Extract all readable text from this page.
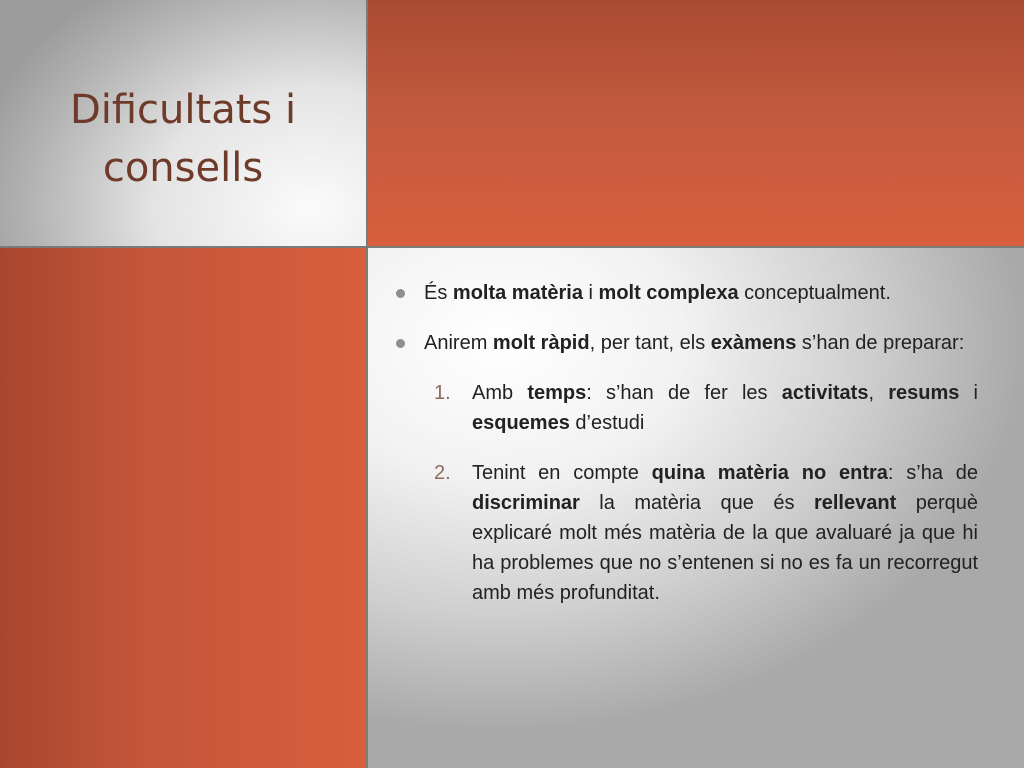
Dificultats i consells

És molta matèria i molt complexa conceptualment.

Anirem molt ràpid, per tant, els exàmens s’han de preparar:

1. Amb temps: s’han de fer les activitats, resums i esquemes d’estudi

2. Tenint en compte quina matèria no entra: s’ha de discriminar la matèria que és rellevant perquè explicaré molt més matèria de la que avaluaré ja que hi ha problemes que no s’entenen si no es fa un recorregut amb més profunditat.
